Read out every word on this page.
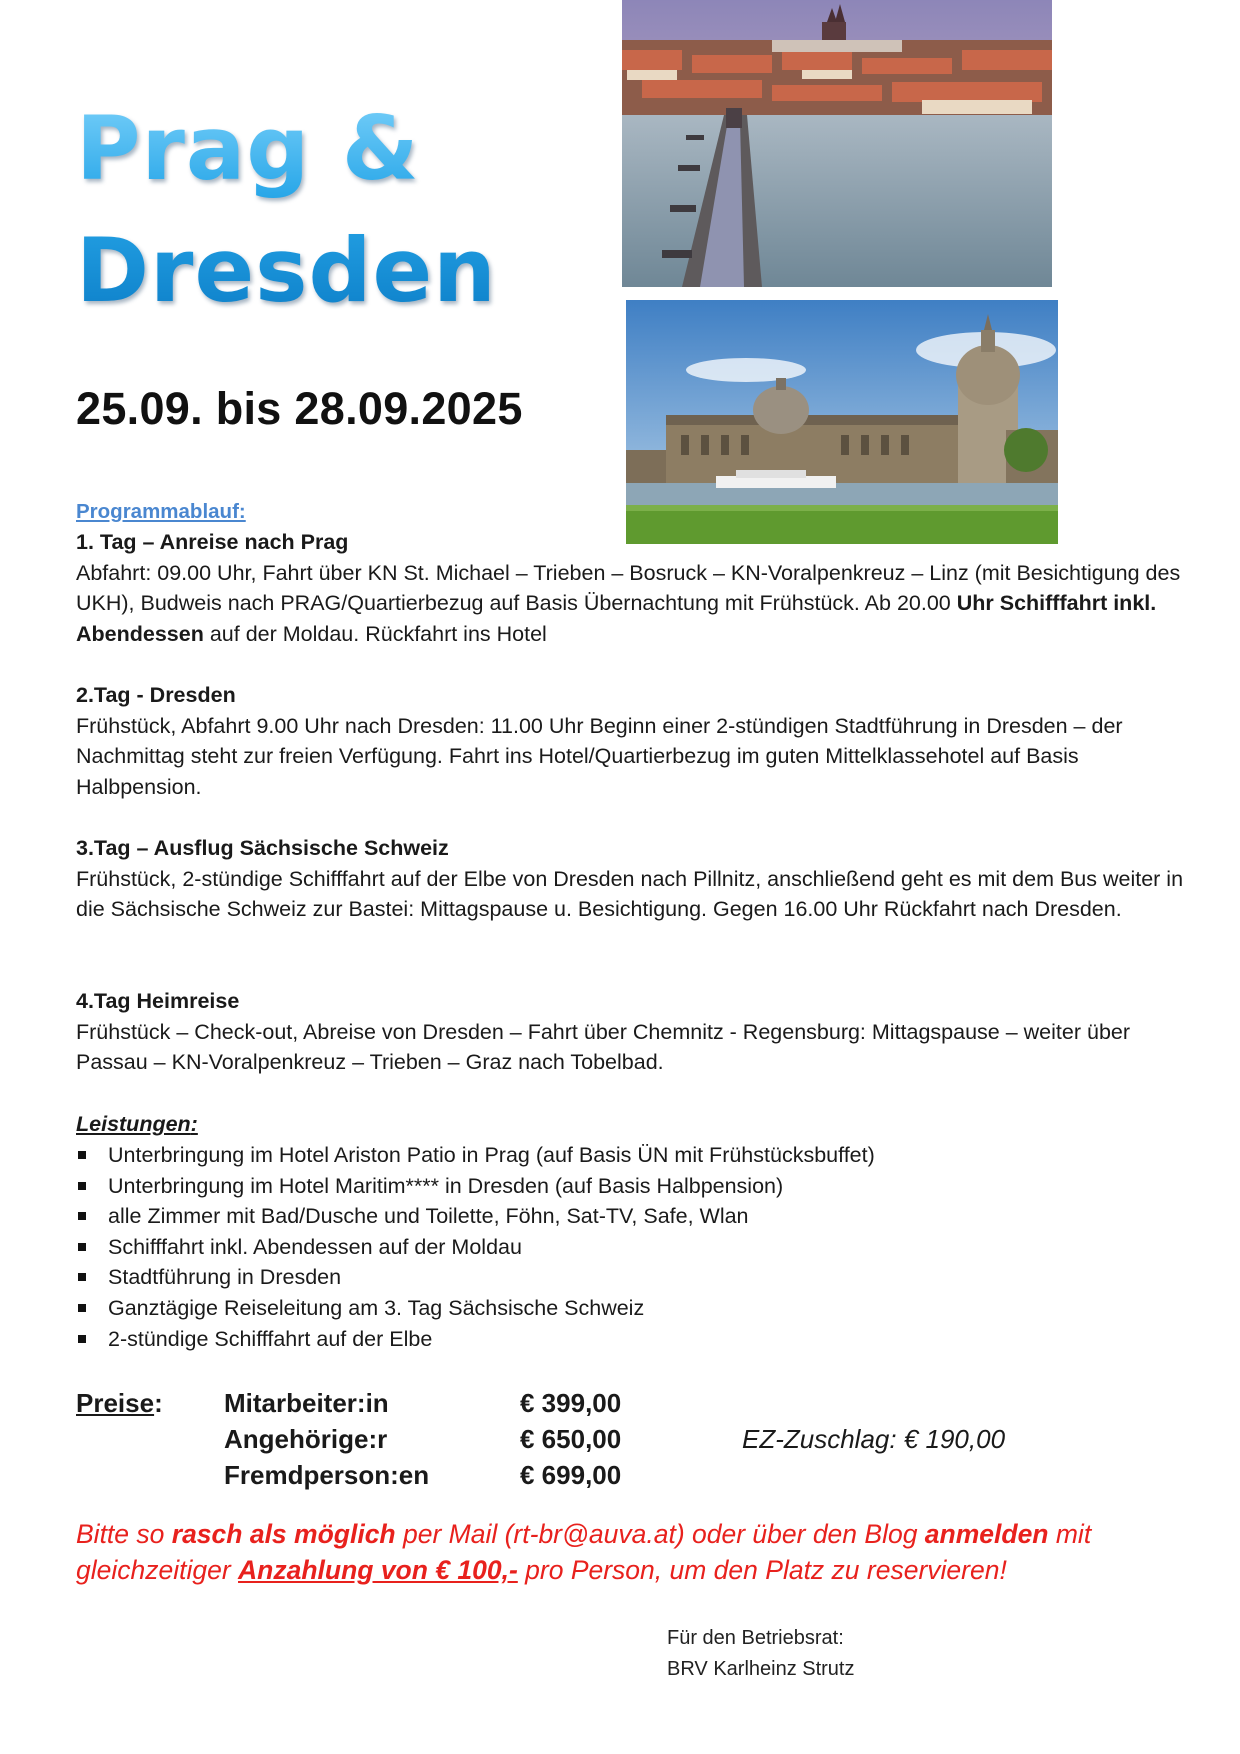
Prag &
Dresden
25.09. bis 28.09.2025
Programmablauf:
1. Tag – Anreise nach Prag
Abfahrt: 09.00 Uhr, Fahrt über KN St. Michael – Trieben – Bosruck – KN-Voralpenkreuz – Linz (mit Besichtigung des UKH), Budweis nach PRAG/Quartierbezug auf Basis Übernachtung mit Frühstück. Ab 20.00 Uhr Schifffahrt inkl. Abendessen auf der Moldau. Rückfahrt ins Hotel
2.Tag - Dresden
Frühstück, Abfahrt 9.00 Uhr nach Dresden: 11.00 Uhr Beginn einer 2-stündigen Stadtführung in Dresden – der Nachmittag steht zur freien Verfügung. Fahrt ins Hotel/Quartierbezug im guten Mittelklassehotel auf Basis Halbpension.
3.Tag – Ausflug Sächsische Schweiz
Frühstück, 2-stündige Schifffahrt auf der Elbe von Dresden nach Pillnitz, anschließend geht es mit dem Bus weiter in die Sächsische Schweiz zur Bastei: Mittagspause u. Besichtigung. Gegen 16.00 Uhr Rückfahrt nach Dresden.
4.Tag Heimreise
Frühstück – Check-out, Abreise von Dresden – Fahrt über Chemnitz - Regensburg: Mittagspause – weiter über Passau – KN-Voralpenkreuz – Trieben – Graz nach Tobelbad.
Leistungen:
Unterbringung im Hotel Ariston Patio in Prag (auf Basis ÜN mit Frühstücksbuffet)
Unterbringung im Hotel Maritim**** in Dresden (auf Basis Halbpension)
alle Zimmer mit Bad/Dusche und Toilette, Föhn, Sat-TV, Safe, Wlan
Schifffahrt inkl. Abendessen auf der Moldau
Stadtführung in Dresden
Ganztägige Reiseleitung am 3. Tag Sächsische Schweiz
2-stündige Schifffahrt auf der Elbe
Preise: Mitarbeiter:in	€ 399,00
Angehörige:r	€ 650,00
Fremdperson:en	€ 699,00
EZ-Zuschlag: € 190,00
Bitte so rasch als möglich per Mail (rt-br@auva.at) oder über den Blog anmelden mit gleichzeitiger Anzahlung von € 100,- pro Person, um den Platz zu reservieren!
Für den Betriebsrat:
BRV Karlheinz Strutz
